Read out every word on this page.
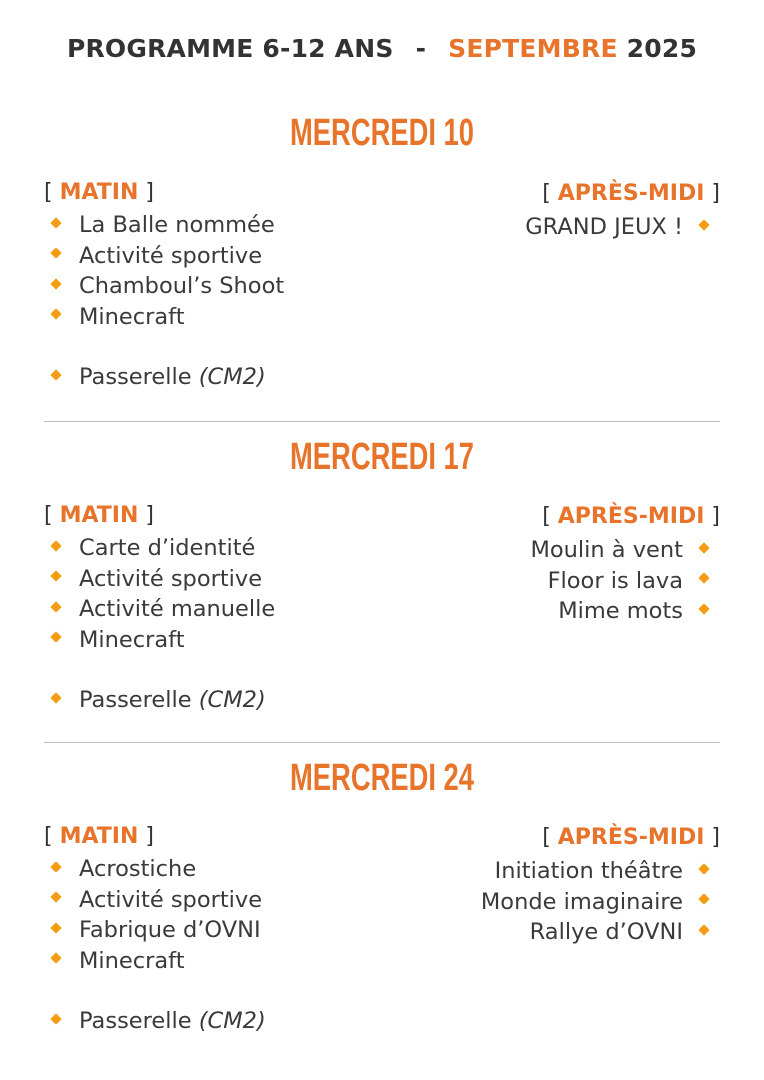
PROGRAMME 6-12 ANS - SEPTEMBRE 2025
MERCREDI 10
[ MATIN ]	[ APRÈS-MIDI ]
La Balle nommée
Activité sportive
Chamboul’s Shoot
Minecraft
Passerelle (CM2)
GRAND JEUX !
MERCREDI 17
[ MATIN ]	[ APRÈS-MIDI ]
Carte d’identité
Activité sportive
Activité manuelle
Minecraft
Passerelle (CM2)
Moulin à vent
Floor is lava
Mime mots
MERCREDI 24
[ MATIN ]	[ APRÈS-MIDI ]
Acrostiche
Activité sportive
Fabrique d’OVNI
Minecraft
Passerelle (CM2)
Initiation théâtre
Monde imaginaire
Rallye d’OVNI
